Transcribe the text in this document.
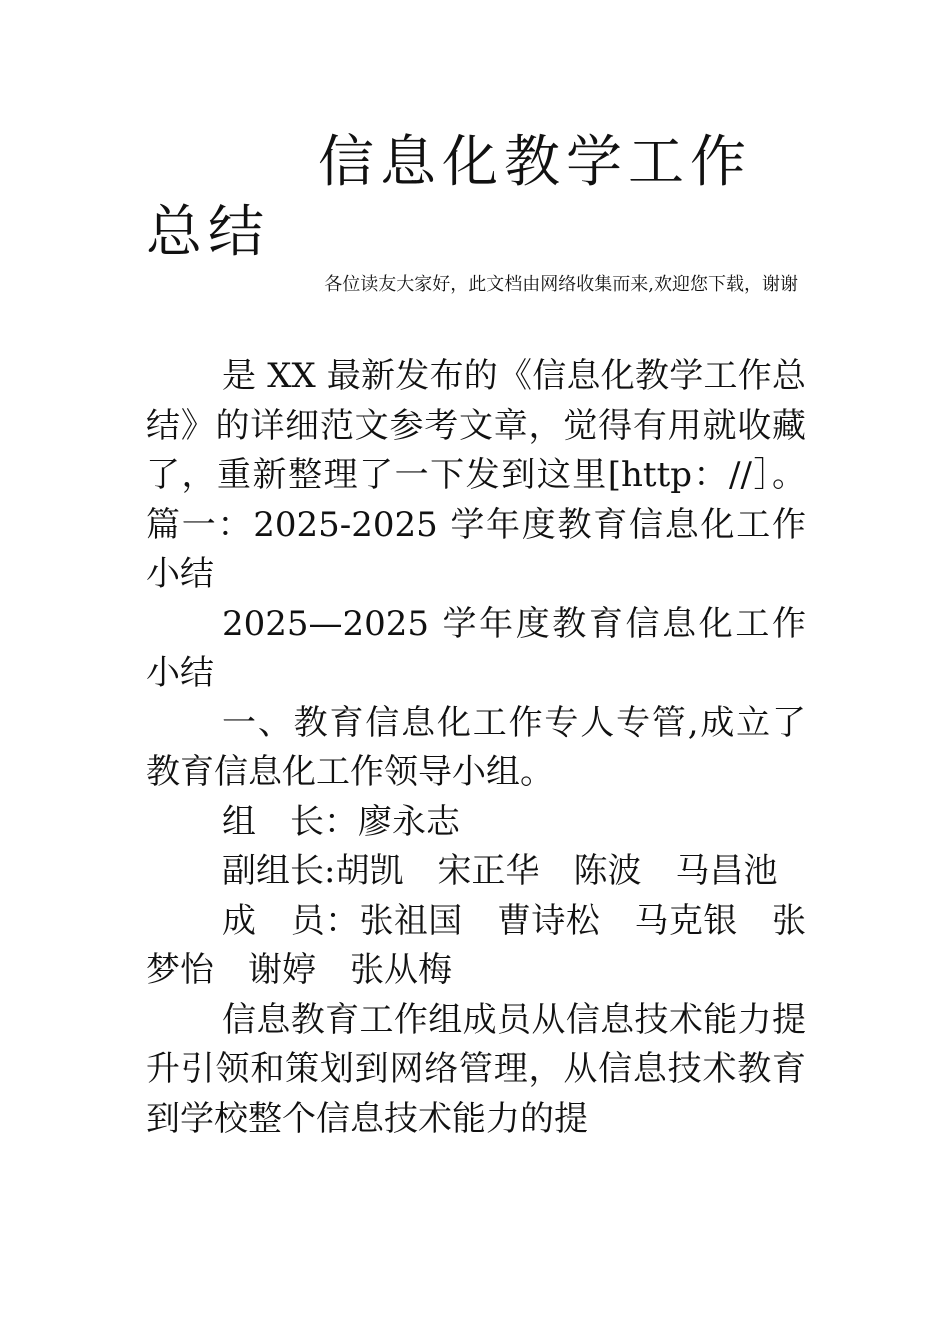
信息化教学工作总结
各位读友大家好，此文档由网络收集而来,欢迎您下载，谢谢

是 XX 最新发布的《信息化教学工作总结》的详细范文参考文章，觉得有用就收藏了，重新整理了一下发到这里[http：//］。篇一：2025-2025 学年度教育信息化工作小结

2025—2025 学年度教育信息化工作小结

一、教育信息化工作专人专管,成立了教育信息化工作领导小组。

组　长：廖永志

副组长:胡凯　宋正华　陈波　马昌池

成　员：张祖国　曹诗松　马克银　张梦怡　谢婷　张从梅

信息教育工作组成员从信息技术能力提升引领和策划到网络管理，从信息技术教育到学校整个信息技术能力的提
